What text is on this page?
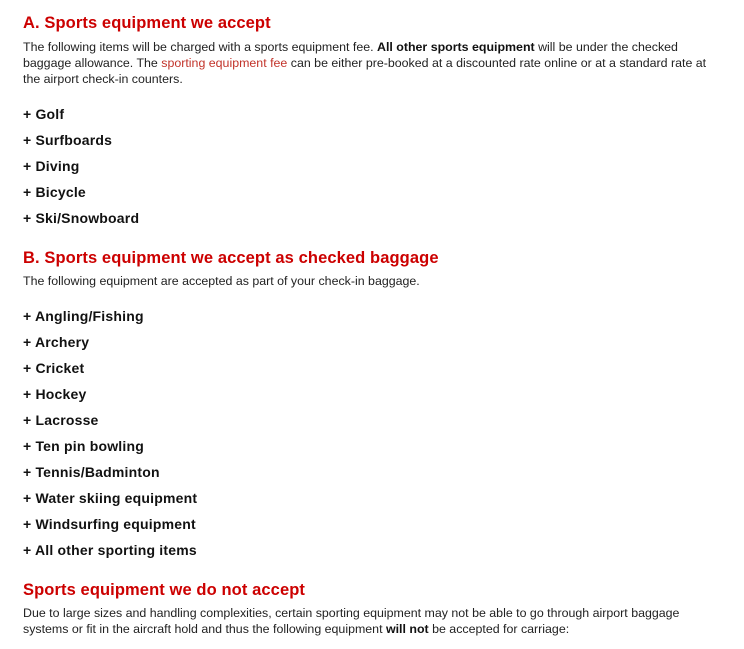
A. Sports equipment we accept

The following items will be charged with a sports equipment fee. All other sports equipment will be under the checked baggage allowance. The sporting equipment fee can be either pre-booked at a discounted rate online or at a standard rate at the airport check-in counters.

+ Golf
+ Surfboards
+ Diving
+ Bicycle
+ Ski/Snowboard
B. Sports equipment we accept as checked baggage

The following equipment are accepted as part of your check-in baggage.

+ Angling/Fishing
+ Archery
+ Cricket
+ Hockey
+ Lacrosse
+ Ten pin bowling
+ Tennis/Badminton
+ Water skiing equipment
+ Windsurfing equipment
+ All other sporting items
Sports equipment we do not accept

Due to large sizes and handling complexities, certain sporting equipment may not be able to go through airport baggage systems or fit in the aircraft hold and thus the following equipment will not be accepted for carriage:
